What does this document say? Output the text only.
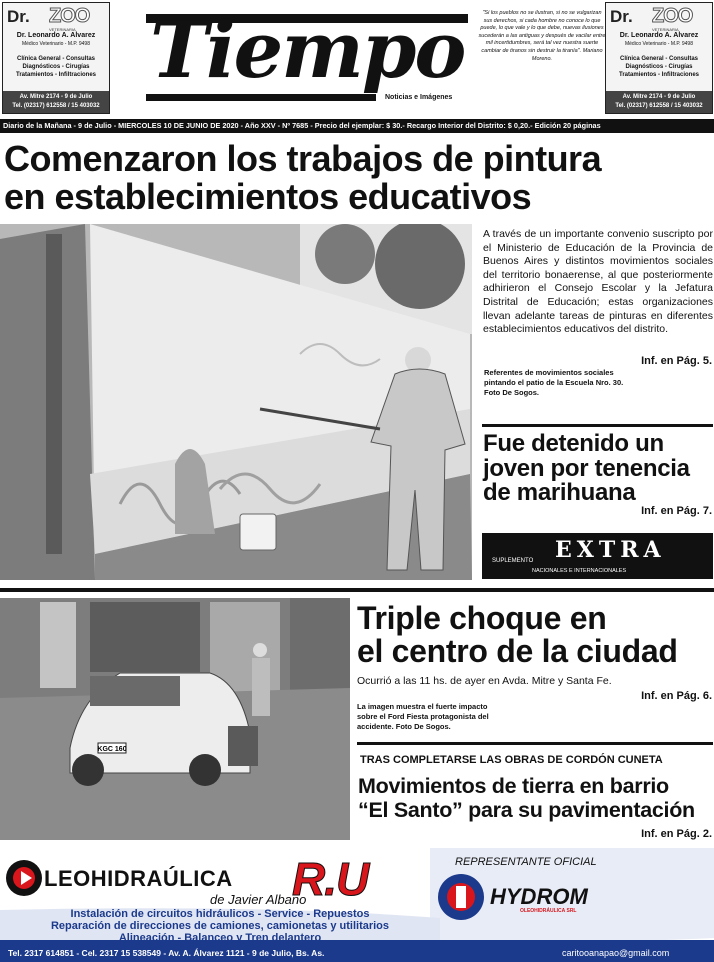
Dr. ZOO
VETERINARIA
Dr. Leonardo A. Alvarez
Médico Veterinario - M.P. 9498
Clínica General - Consultas
Diagnósticos - Cirugías
Tratamientos - Infiltraciones
Av. Mitre 2174 - 9 de Julio
Tel. (02317) 612558 / 15 403032
Dr. ZOO
VETERINARIA
Dr. Leonardo A. Alvarez
Médico Veterinario - M.P. 9498
Clínica General - Consultas
Diagnósticos - Cirugías
Tratamientos - Infiltraciones
Av. Mitre 2174 - 9 de Julio
Tel. (02317) 612558 / 15 403032
Tiempo
Noticias e Imágenes
"Si los pueblos no se ilustran, si no se vulgarizan sus derechos, si cada hombre no conoce lo que puede, lo que vale y lo que debe, nuevas ilusiones sucederán a las antiguas y después de vacilar entre mil incertidumbres, será tal vez nuestra suerte cambiar de tiranos sin destruir la tiranía". Mariano Moreno.
Diario de la Mañana - 9 de Julio - MIERCOLES 10 DE JUNIO DE 2020 - Año XXV - Nº 7685 - Precio del ejemplar: $ 30.- Recargo Interior del Distrito: $ 0,20.- Edición 20 páginas
Comenzaron los trabajos de pintura
en establecimientos educativos
A través de un importante convenio suscripto por el Ministerio de Educación de la Provincia de Buenos Aires y distintos movimientos sociales del territorio bonaerense, al que posteriormente adhirieron el Consejo Escolar y la Jefatura Distrital de Educación; estas organizaciones llevan adelante tareas de pinturas en diferentes establecimientos educativos del distrito.
Inf. en Pág. 5.
Referentes de movimientos sociales pintando el patio de la Escuela Nro. 30. Foto De Sogos.
Fue detenido un
joven por tenencia
de marihuana
Inf. en Pág. 7.
EXTRA
SUPLEMENTO
NACIONALES E INTERNACIONALES
KGC 160
Triple choque en
el centro de la ciudad
Ocurrió a las 11 hs. de ayer en Avda. Mitre y Santa Fe.
Inf. en Pág. 6.
La imagen muestra el fuerte impacto sobre el Ford Fiesta protagonista del accidente. Foto De Sogos.
TRAS COMPLETARSE LAS OBRAS DE CORDÓN CUNETA
Movimientos de tierra en barrio
“El Santo” para su pavimentación
Inf. en Pág. 2.
LEOHIDRAÚLICA R.U
de Javier Albano
REPRESENTANTE OFICIAL
HYDROM
OLEOHIDRÁULICA SRL
Instalación de circuitos hidráulicos - Service - Repuestos
Reparación de direcciones de camiones, camionetas y utilitarios
Alineación - Balanceo y Tren delantero
Tel. 2317 614851 - Cel. 2317 15 538549 - Av. A. Álvarez 1121 - 9 de Julio, Bs. As.	caritooanapao@gmail.com
